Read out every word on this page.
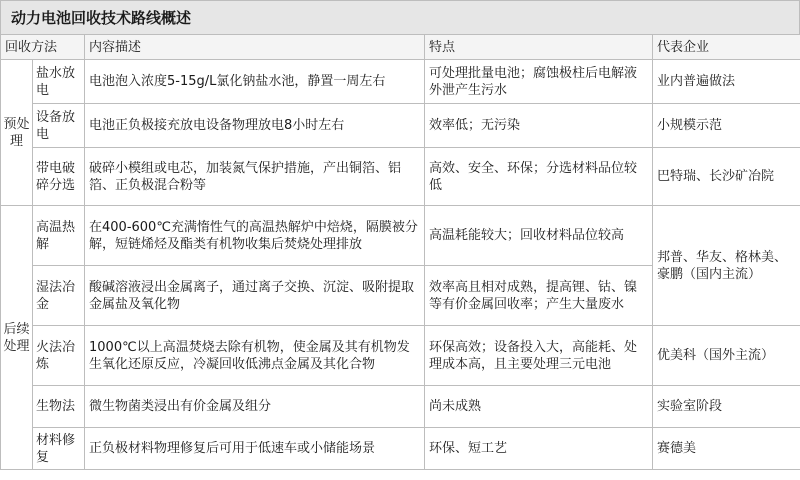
动力电池回收技术路线概述
回收方法		内容描述	特点	代表企业
预处理	盐水放电	电池泡入浓度5-15g/L氯化钠盐水池，静置一周左右	可处理批量电池；腐蚀极柱后电解液外泄产生污水	业内普遍做法
	设备放电	电池正负极接充放电设备物理放电8小时左右	效率低；无污染	小规模示范
	带电破碎分选	破碎小模组或电芯，加装氮气保护措施，产出铜箔、铝箔、正负极混合粉等	高效、安全、环保；分选材料品位较低	巴特瑞、长沙矿冶院
后续处理	高温热解	在400-600℃充满惰性气的高温热解炉中焙烧，隔膜被分解，短链烯烃及酯类有机物收集后焚烧处理排放	高温耗能较大；回收材料品位较高	邦普、华友、格林美、豪鹏（国内主流）
	湿法冶金	酸碱溶液浸出金属离子，通过离子交换、沉淀、吸附提取金属盐及氧化物	效率高且相对成熟，提高锂、钴、镍等有价金属回收率；产生大量废水	
	火法冶炼	1000℃以上高温焚烧去除有机物，使金属及其有机物发生氧化还原反应，冷凝回收低沸点金属及其化合物	环保高效；设备投入大，高能耗、处理成本高，且主要处理三元电池	优美科（国外主流）
	生物法	微生物菌类浸出有价金属及组分	尚未成熟	实验室阶段
	材料修复	正负极材料物理修复后可用于低速车或小储能场景	环保、短工艺	赛德美
